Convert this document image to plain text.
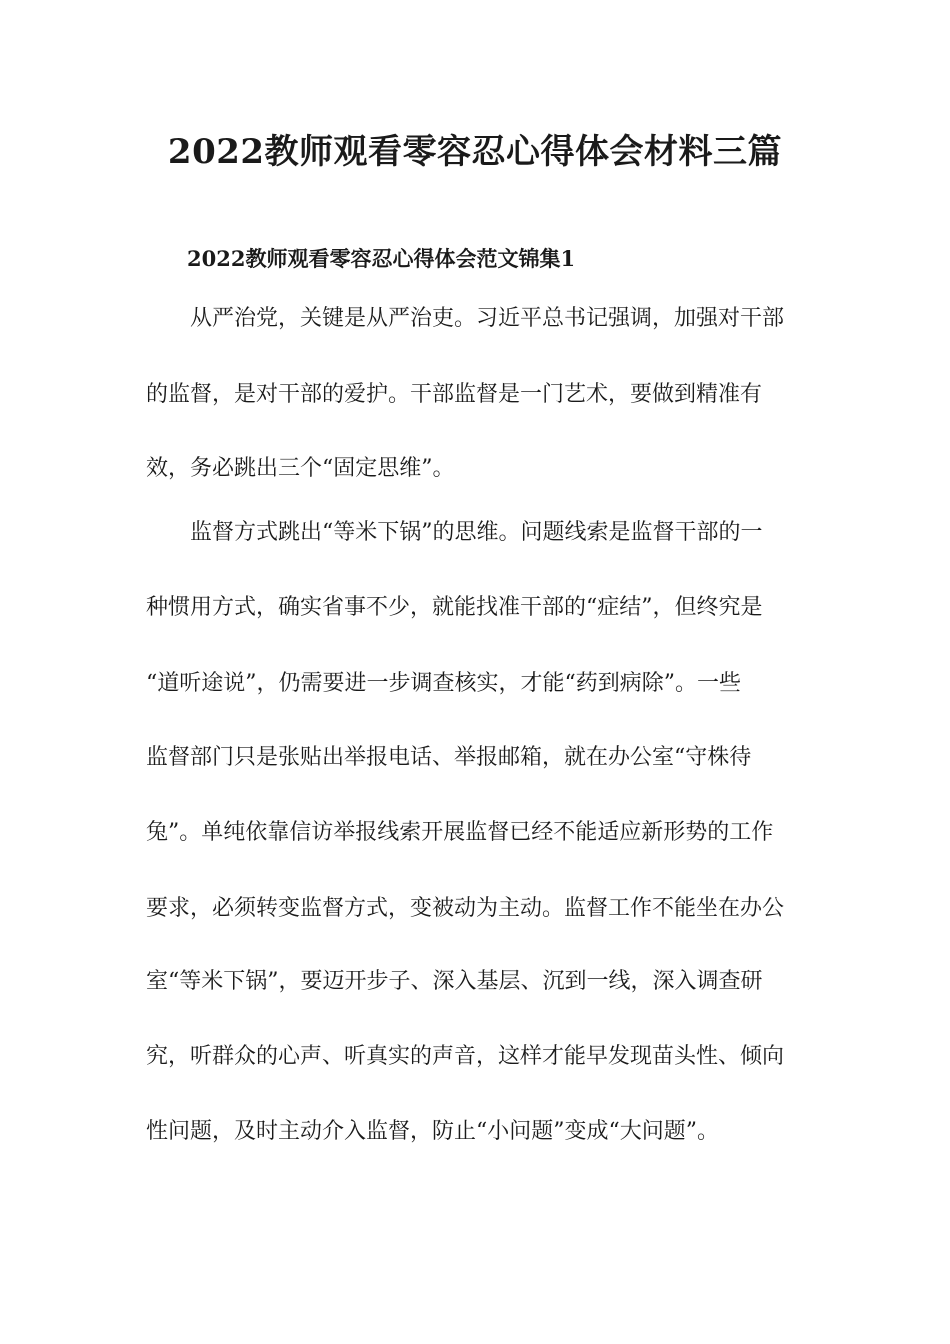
2022教师观看零容忍心得体会材料三篇
2022教师观看零容忍心得体会范文锦集1

从严治党，关键是从严治吏。习近平总书记强调，加强对干部

的监督，是对干部的爱护。干部监督是一门艺术，要做到精准有

效，务必跳出三个“固定思维”。

监督方式跳出“等米下锅”的思维。问题线索是监督干部的一

种惯用方式，确实省事不少，就能找准干部的“症结”，但终究是

“道听途说”，仍需要进一步调查核实，才能“药到病除”。一些

监督部门只是张贴出举报电话、举报邮箱，就在办公室“守株待

兔”。单纯依靠信访举报线索开展监督已经不能适应新形势的工作

要求，必须转变监督方式，变被动为主动。监督工作不能坐在办公

室“等米下锅”，要迈开步子、深入基层、沉到一线，深入调查研

究，听群众的心声、听真实的声音，这样才能早发现苗头性、倾向

性问题，及时主动介入监督，防止“小问题”变成“大问题”。
